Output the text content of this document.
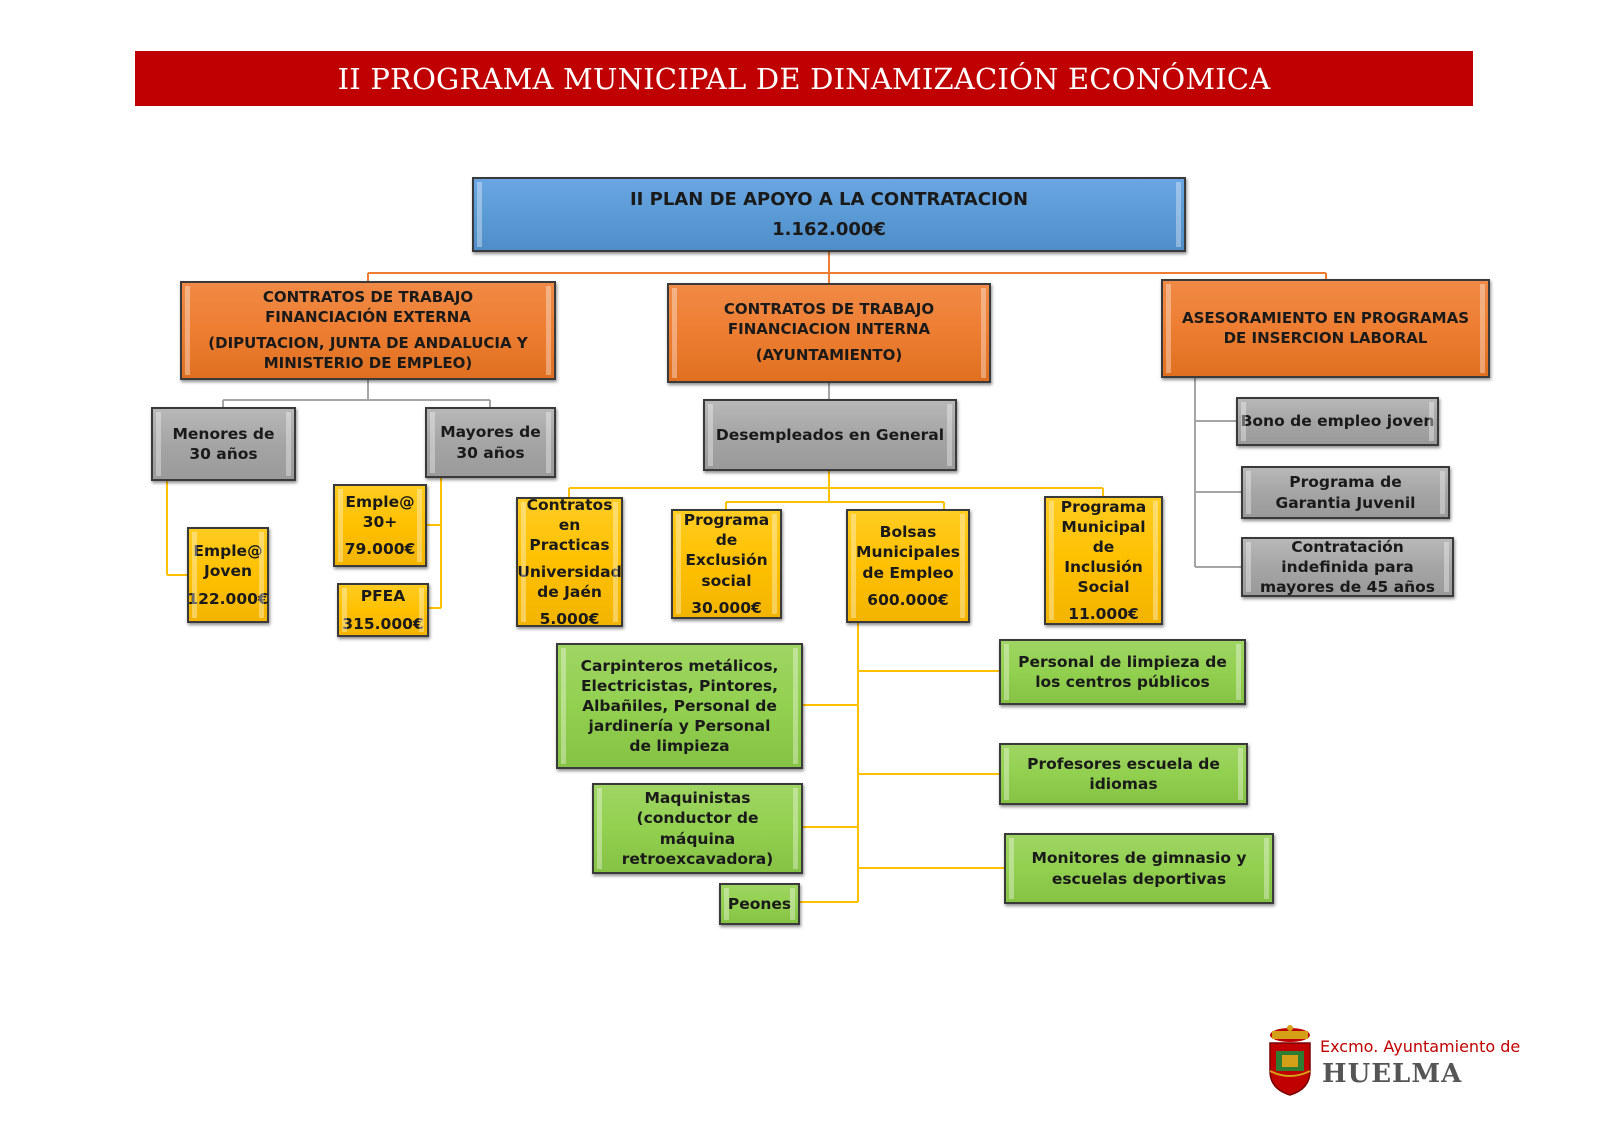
II PROGRAMA MUNICIPAL DE DINAMIZACIÓN ECONÓMICA
II PLAN DE APOYO A LA CONTRATACION
1.162.000€
CONTRATOS DE TRABAJO FINANCIACIÓN EXTERNA
(DIPUTACION, JUNTA DE ANDALUCIA Y MINISTERIO DE EMPLEO)
CONTRATOS DE TRABAJO FINANCIACION INTERNA
(AYUNTAMIENTO)
ASESORAMIENTO EN PROGRAMAS DE INSERCION LABORAL
Menores de 30 años
Mayores de 30 años
Desempleados en General
Bono de empleo joven
Programa de Garantia Juvenil
Contratación indefinida para mayores de 45 años
Emple@ Joven
122.000€
Emple@ 30+
79.000€
PFEA
315.000€
Contratos en Practicas
Universidad de Jaén
5.000€
Programa de Exclusión social
30.000€
Bolsas Municipales de Empleo
600.000€
Programa Municipal de Inclusión Social
11.000€
Carpinteros metálicos, Electricistas, Pintores, Albañiles, Personal de jardinería y Personal de limpieza
Maquinistas (conductor de máquina retroexcavadora)
Peones
Personal de limpieza de los centros públicos
Profesores escuela de idiomas
Monitores de gimnasio y escuelas deportivas
Excmo. Ayuntamiento de
HUELMA
